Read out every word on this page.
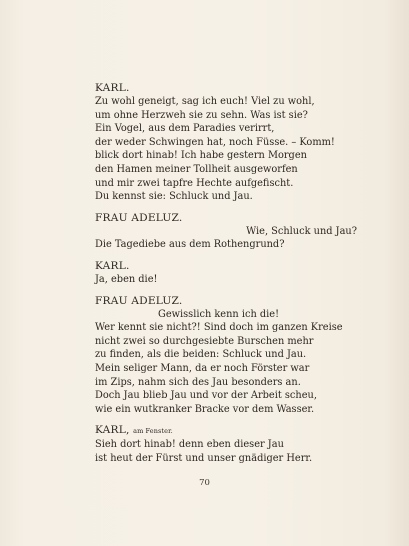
KARL.

Zu wohl geneigt, sag ich euch! Viel zu wohl,

um ohne Herzweh sie zu sehn. Was ist sie?

Ein Vogel, aus dem Paradies verirrt,

der weder Schwingen hat, noch Füsse. – Komm!

blick dort hinab! Ich habe gestern Morgen

den Hamen meiner Tollheit ausgeworfen

und mir zwei tapfre Hechte aufgefischt.

Du kennst sie: Schluck und Jau.

FRAU ADELUZ.

Wie, Schluck und Jau?

Die Tagediebe aus dem Rothengrund?

KARL.

Ja, eben die!

FRAU ADELUZ.

Gewisslich kenn ich die!

Wer kennt sie nicht?! Sind doch im ganzen Kreise

nicht zwei so durchgesiebte Burschen mehr

zu finden, als die beiden: Schluck und Jau.

Mein seliger Mann, da er noch Förster war

im Zips, nahm sich des Jau besonders an.

Doch Jau blieb Jau und vor der Arbeit scheu,

wie ein wutkranker Bracke vor dem Wasser.

KARL, am Fenster.

Sieh dort hinab! denn eben dieser Jau

ist heut der Fürst und unser gnädiger Herr.

70
